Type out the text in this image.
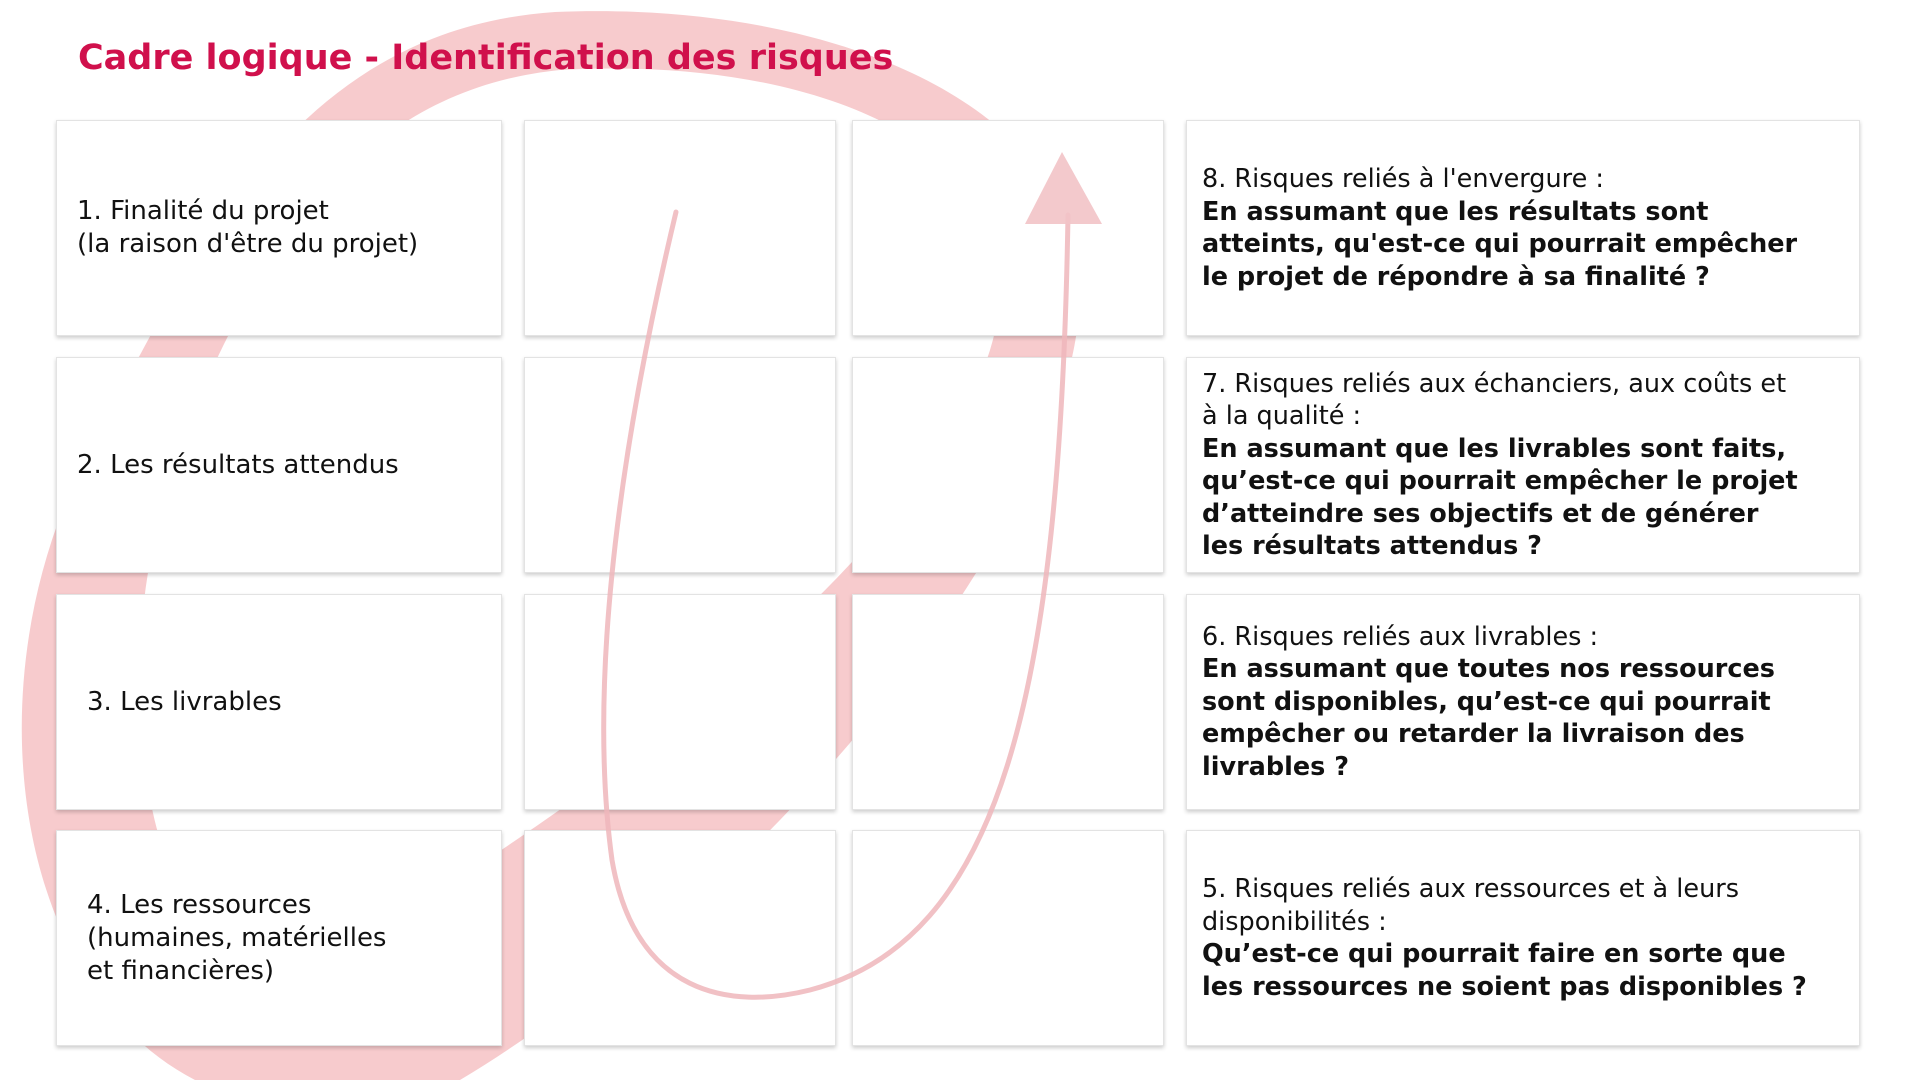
Cadre logique - Identification des risques
1. Finalité du projet
(la raison d'être du projet)
8. Risques reliés à l'envergure :
En assumant que les résultats sont
atteints, qu'est-ce qui pourrait empêcher
le projet de répondre à sa finalité ?
2. Les résultats attendus
7. Risques reliés aux échanciers, aux coûts et
à la qualité :
En assumant que les livrables sont faits,
qu’est-ce qui pourrait empêcher le projet
d’atteindre ses objectifs et de générer
les résultats attendus ?
3. Les livrables
6. Risques reliés aux livrables :
En assumant que toutes nos ressources
sont disponibles, qu’est-ce qui pourrait
empêcher ou retarder la livraison des
livrables ?
4. Les ressources
(humaines, matérielles
et financières)
5. Risques reliés aux ressources et à leurs
disponibilités :
Qu’est-ce qui pourrait faire en sorte que
les ressources ne soient pas disponibles ?
